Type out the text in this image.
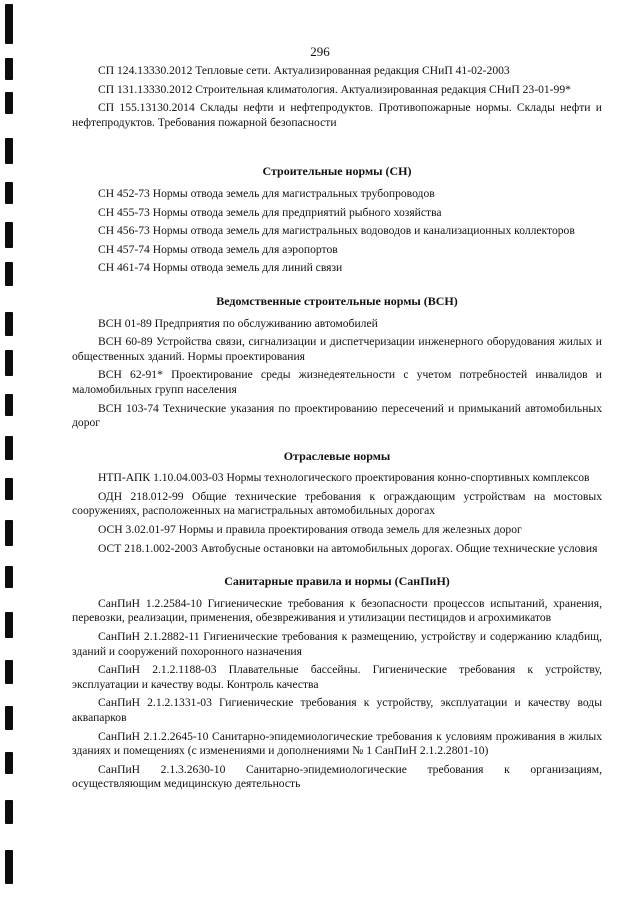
296

СП 124.13330.2012 Тепловые сети. Актуализированная редакция СНиП 41-02-2003

СП 131.13330.2012 Строительная климатология. Актуализированная редакция СНиП 23-01-99*

СП 155.13130.2014 Склады нефти и нефтепродуктов. Противопожарные нормы. Склады нефти и нефтепродуктов. Требования пожарной безопасности

Строительные нормы (СН)

СН 452-73 Нормы отвода земель для магистральных трубопроводов

СН 455-73 Нормы отвода земель для предприятий рыбного хозяйства

СН 456-73 Нормы отвода земель для магистральных водоводов и канализационных коллекторов

СН 457-74 Нормы отвода земель для аэропортов

СН 461-74 Нормы отвода земель для линий связи

Ведомственные строительные нормы (ВСН)

ВСН 01-89 Предприятия по обслуживанию автомобилей

ВСН 60-89 Устройства связи, сигнализации и диспетчеризации инженерного оборудования жилых и общественных зданий. Нормы проектирования

ВСН 62-91* Проектирование среды жизнедеятельности с учетом потребностей инвалидов и маломобильных групп населения

ВСН 103-74 Технические указания по проектированию пересечений и примыканий автомобильных дорог

Отраслевые нормы

НТП-АПК 1.10.04.003-03 Нормы технологического проектирования конно-спортивных комплексов

ОДН 218.012-99 Общие технические требования к ограждающим устройствам на мостовых сооружениях, расположенных на магистральных автомобильных дорогах

ОСН 3.02.01-97 Нормы и правила проектирования отвода земель для железных дорог

ОСТ 218.1.002-2003 Автобусные остановки на автомобильных дорогах. Общие технические условия

Санитарные правила и нормы (СанПиН)

СанПиН 1.2.2584-10 Гигиенические требования к безопасности процессов испытаний, хранения, перевозки, реализации, применения, обезвреживания и утилизации пестицидов и агрохимикатов

СанПиН 2.1.2882-11 Гигиенические требования к размещению, устройству и содержанию кладбищ, зданий и сооружений похоронного назначения

СанПиН 2.1.2.1188-03 Плавательные бассейны. Гигиенические требования к устройству, эксплуатации и качеству воды. Контроль качества

СанПиН 2.1.2.1331-03 Гигиенические требования к устройству, эксплуатации и качеству воды аквапарков

СанПиН 2.1.2.2645-10 Санитарно-эпидемиологические требования к условиям проживания в жилых зданиях и помещениях (с изменениями и дополнениями № 1 СанПиН 2.1.2.2801-10)

СанПиН 2.1.3.2630-10 Санитарно-эпидемиологические требования к организациям, осуществляющим медицинскую деятельность
